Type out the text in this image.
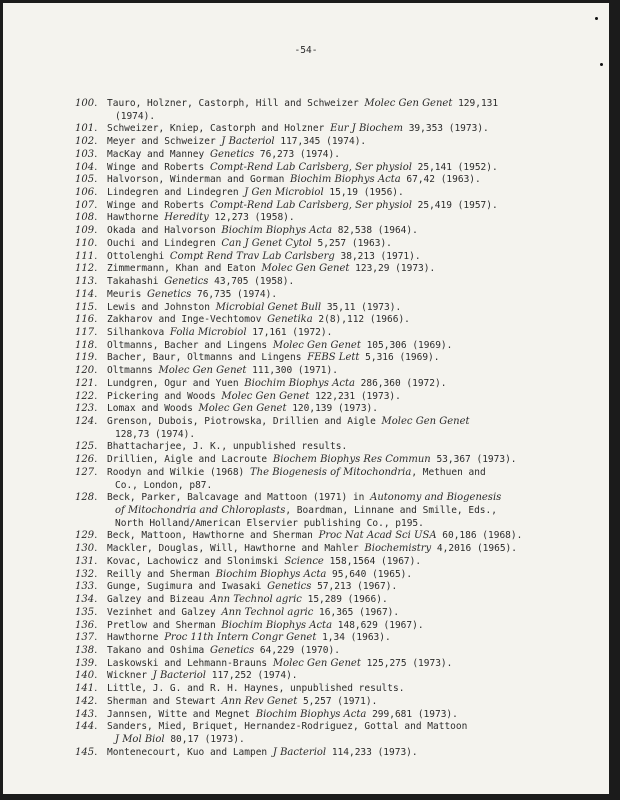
-54-
100.	Tauro, Holzner, Castorph, Hill and Schweizer Molec Gen Genet 129,131
(1974).
101.	Schweizer, Kniep, Castorph and Holzner Eur J Biochem 39,353 (1973).
102.	Meyer and Schweizer J Bacteriol 117,345 (1974).
103.	MacKay and Manney Genetics 76,273 (1974).
104.	Winge and Roberts Compt-Rend Lab Carlsberg, Ser physiol 25,141 (1952).
105.	Halvorson, Winderman and Gorman Biochim Biophys Acta 67,42 (1963).
106.	Lindegren and Lindegren J Gen Microbiol 15,19 (1956).
107.	Winge and Roberts Compt-Rend Lab Carlsberg, Ser physiol 25,419 (1957).
108.	Hawthorne Heredity 12,273 (1958).
109.	Okada and Halvorson Biochim Biophys Acta 82,538 (1964).
110.	Ouchi and Lindegren Can J Genet Cytol 5,257 (1963).
111.	Ottolenghi Compt Rend Trav Lab Carlsberg 38,213 (1971).
112.	Zimmermann, Khan and Eaton Molec Gen Genet 123,29 (1973).
113.	Takahashi Genetics 43,705 (1958).
114.	Meuris Genetics 76,735 (1974).
115.	Lewis and Johnston Microbial Genet Bull 35,11 (1973).
116.	Zakharov and Inge-Vechtomov Genetika 2(8),112 (1966).
117.	Silhankova Folia Microbiol 17,161 (1972).
118.	Oltmanns, Bacher and Lingens Molec Gen Genet 105,306 (1969).
119.	Bacher, Baur, Oltmanns and Lingens FEBS Lett 5,316 (1969).
120.	Oltmanns Molec Gen Genet 111,300 (1971).
121.	Lundgren, Ogur and Yuen Biochim Biophys Acta 286,360 (1972).
122.	Pickering and Woods Molec Gen Genet 122,231 (1973).
123.	Lomax and Woods Molec Gen Genet 120,139 (1973).
124.	Grenson, Dubois, Piotrowska, Drillien and Aigle Molec Gen Genet
128,73 (1974).
125.	Bhattacharjee, J. K., unpublished results.
126.	Drillien, Aigle and Lacroute Biochem Biophys Res Commun 53,367 (1973).
127.	Roodyn and Wilkie (1968) The Biogenesis of Mitochondria, Methuen and
Co., London, p87.
128.	Beck, Parker, Balcavage and Mattoon (1971) in Autonomy and Biogenesis
of Mitochondria and Chloroplasts, Boardman, Linnane and Smille, Eds.,
North Holland/American Elservier publishing Co., p195.
129.	Beck, Mattoon, Hawthorne and Sherman Proc Nat Acad Sci USA 60,186 (1968).
130.	Mackler, Douglas, Will, Hawthorne and Mahler Biochemistry 4,2016 (1965).
131.	Kovac, Lachowicz and Slonimski Science 158,1564 (1967).
132.	Reilly and Sherman Biochim Biophys Acta 95,640 (1965).
133.	Gunge, Sugimura and Iwasaki Genetics 57,213 (1967).
134.	Galzey and Bizeau Ann Technol agric 15,289 (1966).
135.	Vezinhet and Galzey Ann Technol agric 16,365 (1967).
136.	Pretlow and Sherman Biochim Biophys Acta 148,629 (1967).
137.	Hawthorne Proc 11th Intern Congr Genet 1,34 (1963).
138.	Takano and Oshima Genetics 64,229 (1970).
139.	Laskowski and Lehmann-Brauns Molec Gen Genet 125,275 (1973).
140.	Wickner J Bacteriol 117,252 (1974).
141.	Little, J. G. and R. H. Haynes, unpublished results.
142.	Sherman and Stewart Ann Rev Genet 5,257 (1971).
143.	Jannsen, Witte and Megnet Biochim Biophys Acta 299,681 (1973).
144.	Sanders, Mied, Briquet, Hernandez-Rodriguez, Gottal and Mattoon
J Mol Biol 80,17 (1973).
145.	Montenecourt, Kuo and Lampen J Bacteriol 114,233 (1973).
